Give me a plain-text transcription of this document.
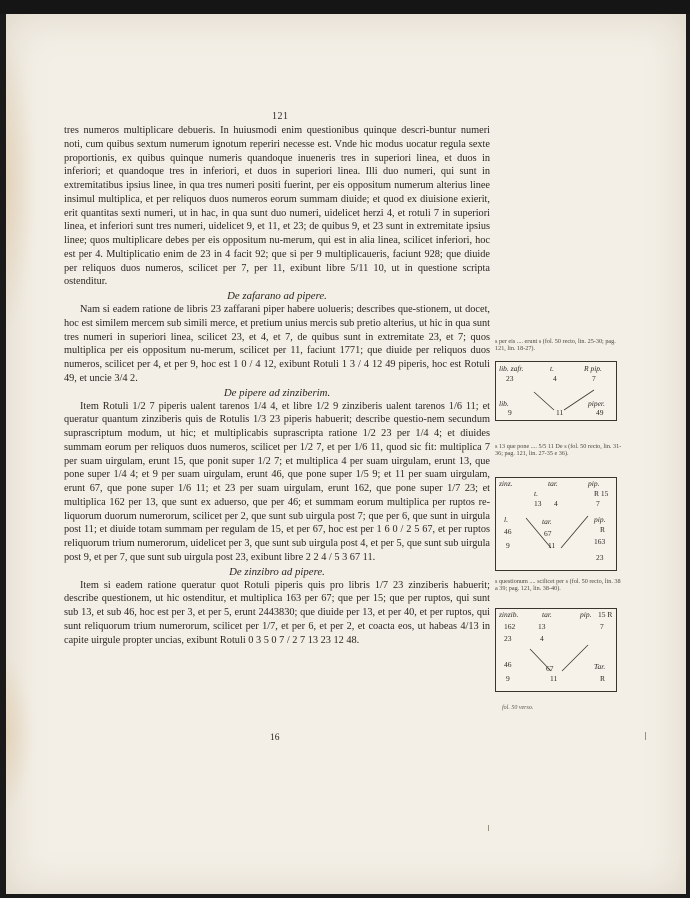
121

tres numeros multiplicare debueris. In huiusmodi enim questionibus quinque descri-buntur numeri noti, cum quibus sextum numerum ignotum reperiri necesse est. Vnde hic modus uocatur regula sexte proportionis, ex quibus quinque numeris quandoque inueneris tres in superiori linea, et duos in inferiori; et quandoque tres in inferiori, et duos in superiori linea. Illi duo numeri, qui sunt in extremitatibus ipsius linee, in qua tres numeri positi fuerint, per eis oppositum numerum alterius linee insimul multiplica, et per reliquos duos numeros eorum summam diuide; et quod ex diuisione exierit, erit quantitas sexti numeri, ut in hac, in qua sunt duo numeri, uidelicet herzi 4, et rotuli 7 in superiori linea, et inferiori sunt tres numeri, uidelicet 9, et 11, et 23; de quibus 9, et 23 sunt in extremitate ipsius linee; quos multiplicare debes per eis oppositum nu-merum, qui est in alia linea, scilicet inferiori, hoc est per 4. Multiplicatio enim de 23 in 4 facit 92; que si per 9 multiplicaueris, faciunt 928; que diuide per reliquos duos numeros, scilicet per 7, per 11, exibunt libre 5/11 10, ut in questione scripta ostenditur.

De zafarano ad pipere.

Nam si eadem ratione de libris 23 zaffarani piper habere uolueris; describes que-stionem, ut docet, hoc est similem mercem sub simili merce, et pretium unius mercis sub pretio alterius, ut hic in qua sunt tres numeri in superiori linea, scilicet 23, et 4, et 7, de quibus sunt in extremitate 23, et 7; quos multiplica per eis oppositum nu-merum, scilicet per 11, faciunt 1771; que diuide per reliquos duos numeros, scilicet per 4, et per 9, hoc est 1 0 / 4 12, exibunt Rotuli 1 3 / 4 12 49 piperis, hoc est Rotuli 49, et uncie 3/4 2.

De pipere ad zinziberim.

Item Rotuli 1/2 7 piperis ualent tarenos 1/4 4, et libre 1/2 9 zinziberis ualent tarenos 1/6 11; et queratur quantum zinziberis quis de Rotulis 1/3 23 piperis habuerit; describe questio-nem secundum suprascriptum modum, ut hic; et multiplicabis suprascripta ratione 1/2 23 per 1/4 4; et diuides summam eorum per reliquos duos numeros, scilicet per 1/2 7, et per 1/6 11, quod sic fit: multiplica 7 per suam uirgulam, erunt 15, que ponit super 1/2 7; et multiplica 4 per suam uirgulam, erunt 13, que pone super 1/4 4; et 9 per suam uirgulam, erunt 46, que pone super 1/5 9; et 11 per suam uirgulam, erunt 67, que pone super 1/6 11; et 23 per suam uirgulam, erunt 162, que pone super 1/7 23; et multiplica 162 per 13, que sunt ex aduerso, que per 46; et summam eorum multiplica per ruptos re-liquorum duorum numerorum, scilicet per 2, que sunt sub uirgula post 7; que per 6, que sunt in uirgula post 11; et diuide totam summam per regulam de 15, et per 67, hoc est per 1 6 0 / 2 5 67, et per ruptos reliquorum trium numerorum, uidelicet per 3, que sunt sub uirgula post 4, et per 5, que sunt sub uirgula post 9, et per 7, que sunt sub uirgula post 23, exibunt libre 2 2 4 / 5 3 67 11.

De zinzibro ad pipere.

Item si eadem ratione queratur quot Rotuli piperis quis pro libris 1/7 23 zinziberis habuerit; describe questionem, ut hic ostenditur, et multiplica 163 per 67; que per 15; que per ruptos, qui sunt sub 13, et sub 46, hoc est per 3, et per 5, erunt 2443830; que diuide per 13, et per 40, et per ruptos, qui sunt reliquorum trium numerorum, scilicet per 1/7, et per 6, et per 2, et coacta eos, ut habeas 4/13 in capite uirgule propter uncias, exibunt Rotuli 0 3 5 0 7 / 2 7 13 23 12 48.

16
s per eis .... erunt s (fol. 50 recto, lin. 25-30; pag. 121, lin. 18-27).
lib. zafr.	t.	R pip.
23	4	7
lib.	piper.
9	11	49
s 13 que pone .... 5/5 11 De s (fol. 50 recto, lin. 31-36; pag. 121, lin. 27-35 e 36).
zinz.	tar.	pip.
t.	R 15
13 4	7
l.	tar.	pip.
46	67	R
9	11	163
23
s questionum .... scilicet per s (fol. 50 recto, lin. 38 a 39; pag. 121, lin. 38-40).
zinzib.	tar.	pip. 15 R
162	13	7
23	4
46	67	Tar.
9	11	R
fol. 50 verso.
